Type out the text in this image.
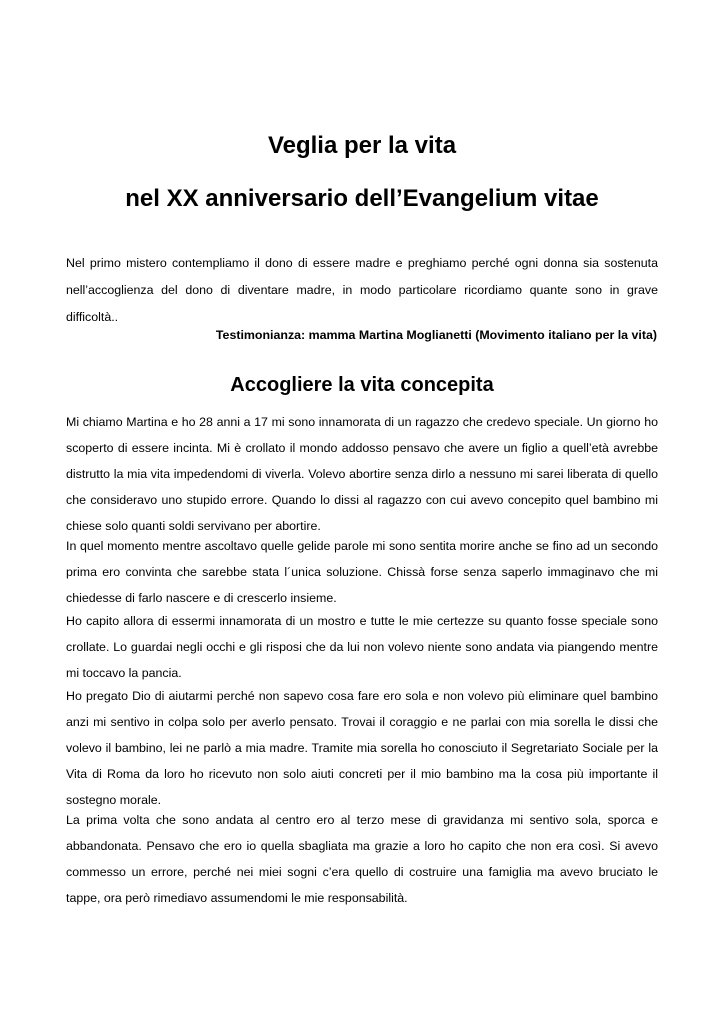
Veglia per la vita
nel XX anniversario dell’Evangelium vitae

Nel primo mistero contempliamo il dono di essere madre e preghiamo perché ogni donna sia sostenuta nell’accoglienza del dono di diventare madre, in modo particolare ricordiamo quante sono in grave difficoltà..

Testimonianza: mamma Martina Moglianetti (Movimento italiano per la vita)

Accogliere la vita concepita

Mi chiamo Martina e ho 28 anni a 17 mi sono innamorata di un ragazzo che credevo speciale. Un giorno ho scoperto di essere incinta. Mi è crollato il mondo addosso pensavo che avere un figlio a quell’età avrebbe distrutto la mia vita impedendomi di viverla. Volevo abortire senza dirlo a nessuno mi sarei liberata di quello che consideravo uno stupido errore. Quando lo dissi al ragazzo con cui avevo concepito quel bambino mi chiese solo quanti soldi servivano per abortire.

In quel momento mentre ascoltavo quelle gelide parole mi sono sentita morire anche se fino ad un secondo prima ero convinta che sarebbe stata l´unica soluzione. Chissà forse senza saperlo immaginavo che mi chiedesse di farlo nascere e di crescerlo insieme.

Ho capito allora di essermi innamorata di un mostro e tutte le mie certezze su quanto fosse speciale sono crollate. Lo guardai negli occhi e gli risposi che da lui non volevo niente sono andata via piangendo mentre mi toccavo la pancia.

Ho pregato Dio di aiutarmi perché non sapevo cosa fare ero sola e non volevo più eliminare quel bambino anzi mi sentivo in colpa solo per averlo pensato. Trovai il coraggio e ne parlai con mia sorella le dissi che volevo il bambino, lei ne parlò a mia madre. Tramite mia sorella ho conosciuto il Segretariato Sociale per la Vita di Roma da loro ho ricevuto non solo aiuti concreti per il mio bambino ma la cosa più importante il sostegno morale.

La prima volta che sono andata al centro ero al terzo mese di gravidanza mi sentivo sola, sporca e abbandonata. Pensavo che ero io quella sbagliata ma grazie a loro ho capito che non era così. Si avevo commesso un errore, perché nei miei sogni c’era quello di costruire una famiglia ma avevo bruciato le tappe, ora però rimediavo assumendomi le mie responsabilità.
